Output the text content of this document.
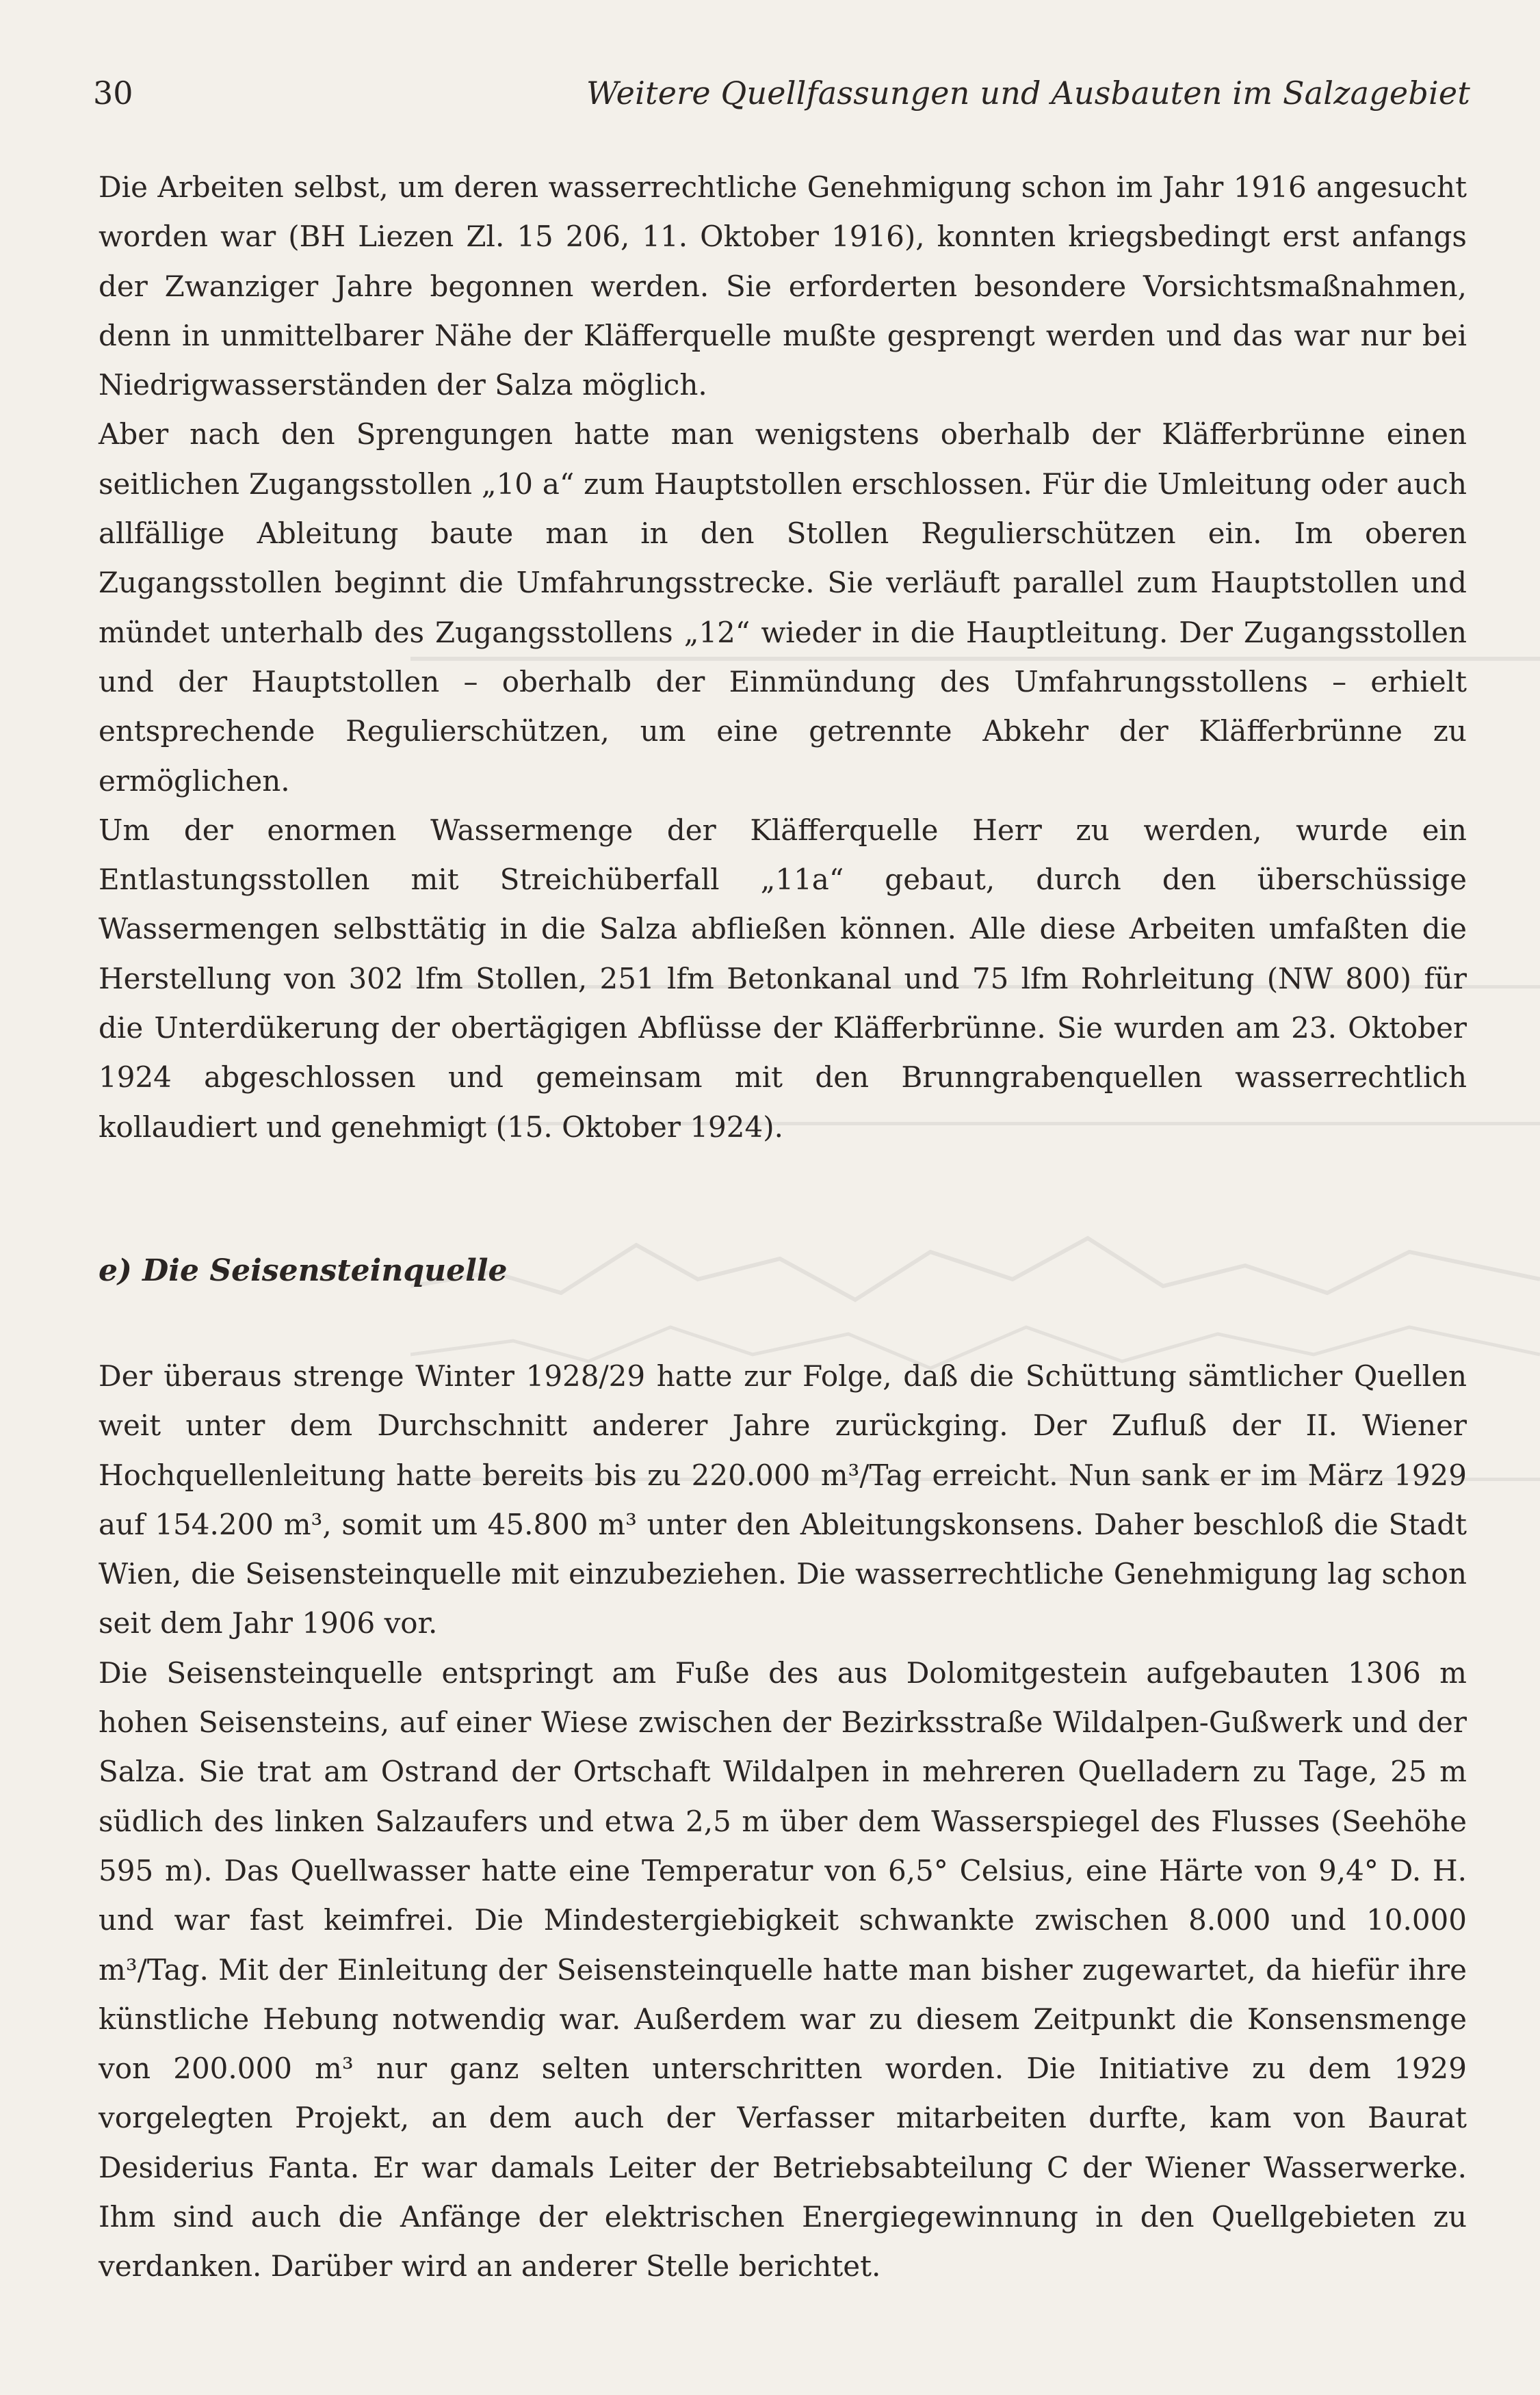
30	Weitere Quellfassungen und Ausbauten im Salzagebiet

Die Arbeiten selbst, um deren wasserrechtliche Genehmigung schon im Jahr 1916 angesucht worden war (BH Liezen Zl. 15 206, 11. Oktober 1916), konnten kriegsbedingt erst anfangs der Zwanziger Jahre begonnen werden. Sie erforderten besondere Vorsichtsmaßnahmen, denn in unmittelbarer Nähe der Kläfferquelle mußte gesprengt werden und das war nur bei Niedrigwasserständen der Salza möglich.

Aber nach den Sprengungen hatte man wenigstens oberhalb der Kläfferbrünne einen seitlichen Zugangsstollen „10 a“ zum Hauptstollen erschlossen. Für die Umleitung oder auch allfällige Ableitung baute man in den Stollen Regulierschützen ein. Im oberen Zugangsstollen beginnt die Umfahrungsstrecke. Sie verläuft parallel zum Hauptstollen und mündet unterhalb des Zugangsstollens „12“ wieder in die Hauptleitung. Der Zugangsstollen und der Hauptstollen – oberhalb der Einmündung des Umfahrungsstollens – erhielt entsprechende Regulierschützen, um eine getrennte Abkehr der Kläfferbrünne zu ermöglichen.

Um der enormen Wassermenge der Kläfferquelle Herr zu werden, wurde ein Entlastungsstollen mit Streichüberfall „11a“ gebaut, durch den überschüssige Wassermengen selbsttätig in die Salza abfließen können. Alle diese Arbeiten umfaßten die Herstellung von 302 lfm Stollen, 251 lfm Betonkanal und 75 lfm Rohrleitung (NW 800) für die Unterdükerung der obertägigen Abflüsse der Kläfferbrünne. Sie wurden am 23. Oktober 1924 abgeschlossen und gemeinsam mit den Brunngrabenquellen wasserrechtlich kollaudiert und genehmigt (15. Oktober 1924).

e) Die Seisensteinquelle

Der überaus strenge Winter 1928/29 hatte zur Folge, daß die Schüttung sämtlicher Quellen weit unter dem Durchschnitt anderer Jahre zurückging. Der Zufluß der II. Wiener Hochquellenleitung hatte bereits bis zu 220.000 m³/Tag erreicht. Nun sank er im März 1929 auf 154.200 m³, somit um 45.800 m³ unter den Ableitungskonsens. Daher beschloß die Stadt Wien, die Seisensteinquelle mit einzubeziehen. Die wasserrechtliche Genehmigung lag schon seit dem Jahr 1906 vor.

Die Seisensteinquelle entspringt am Fuße des aus Dolomitgestein aufgebauten 1306 m hohen Seisensteins, auf einer Wiese zwischen der Bezirksstraße Wildalpen-Gußwerk und der Salza. Sie trat am Ostrand der Ortschaft Wildalpen in mehreren Quelladern zu Tage, 25 m südlich des linken Salzaufers und etwa 2,5 m über dem Wasserspiegel des Flusses (Seehöhe 595 m). Das Quellwasser hatte eine Temperatur von 6,5° Celsius, eine Härte von 9,4° D. H. und war fast keimfrei. Die Mindestergiebigkeit schwankte zwischen 8.000 und 10.000 m³/Tag. Mit der Einleitung der Seisensteinquelle hatte man bisher zugewartet, da hiefür ihre künstliche Hebung notwendig war. Außerdem war zu diesem Zeitpunkt die Konsensmenge von 200.000 m³ nur ganz selten unterschritten worden. Die Initiative zu dem 1929 vorgelegten Projekt, an dem auch der Verfasser mitarbeiten durfte, kam von Baurat Desiderius Fanta. Er war damals Leiter der Betriebsabteilung C der Wiener Wasserwerke. Ihm sind auch die Anfänge der elektrischen Energiegewinnung in den Quellgebieten zu verdanken. Darüber wird an anderer Stelle berichtet.
